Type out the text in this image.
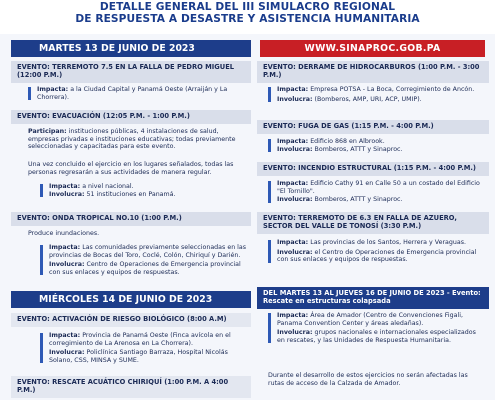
DETALLE GENERAL DEL III SIMULACRO REGIONAL
DE RESPUESTA A DESASTRE Y ASISTENCIA HUMANITARIA
MARTES 13 DE JUNIO DE 2023	WWW.SINAPROC.GOB.PA
EVENTO: TERREMOTO 7.5 EN LA FALLA DE PEDRO MIGUEL (12:00 P.M.)
Impacta: a la Ciudad Capital y Panamá Oeste (Arraiján y La Chorrera).
EVENTO: EVACUACIÓN (12:05 P.M. - 1:00 P.M.)
Participan: instituciones públicas, 4 instalaciones de salud, empresas privadas e instituciones educativas; todas previamente seleccionadas y capacitadas para este evento.
Una vez concluido el ejercicio en los lugares señalados, todas las personas regresarán a sus actividades de manera regular.
Impacta: a nivel nacional.
Involucra: 51 instituciones en Panamá.
EVENTO: ONDA TROPICAL NO.10 (1:00 P.M.)
Produce inundaciones.
Impacta: Las comunidades previamente seleccionadas en las provincias de Bocas del Toro, Coclé, Colón, Chiriquí y Darién.
Involucra: Centro de Operaciones de Emergencia provincial con sus enlaces y equipos de respuestas.
MIÉRCOLES 14 DE JUNIO DE 2023
EVENTO: ACTIVACIÓN DE RIESGO BIOLÓGICO (8:00 A.M)
Impacta: Provincia de Panamá Oeste (Finca avícola en el corregimiento de La Arenosa en La Chorrera).
Involucra: Policlínica Santiago Barraza, Hospital Nicolás Solano, CSS, MINSA y SUME.
EVENTO: RESCATE ACUÁTICO CHIRIQUÍ (1:00 P.M. A 4:00 P.M.)
EVENTO: DERRAME DE HIDROCARBUROS (1:00 P.M. - 3:00 P.M.)
Impacta: Empresa POTSA - La Boca, Corregimiento de Ancón.
Involucra: (Bomberos, AMP, URI, ACP, UMIP).
EVENTO: FUGA DE GAS (1:15 P.M. - 4:00 P.M.)
Impacta: Edificio 868 en Albrook.
Involucra: Bomberos, ATTT y Sinaproc.
EVENTO: INCENDIO ESTRUCTURAL (1:15 P.M. - 4:00 P.M.)
Impacta: Edificio Cathy 91 en Calle 50 a un costado del Edificio "El Tornillo".
Involucra: Bomberos, ATTT y Sinaproc.
EVENTO: TERREMOTO DE 6.3 EN FALLA DE AZUERO, SECTOR DEL VALLE DE TONOSÍ (3:30 P.M.)
Impacta: Las provincias de los Santos, Herrera y Veraguas.
Involucra: el Centro de Operaciones de Emergencia provincial con sus enlaces y equipos de respuestas.
DEL MARTES 13 AL JUEVES 16 DE JUNIO DE 2023 - Evento: Rescate en estructuras colapsada
Impacta: Área de Amador (Centro de Convenciones Figali, Panama Convention Center y áreas aledañas).
Involucra: grupos nacionales e internacionales especializados en rescates, y las Unidades de Respuesta Humanitaria.
Durante el desarrollo de estos ejercicios no serán afectadas las rutas de acceso de la Calzada de Amador.
